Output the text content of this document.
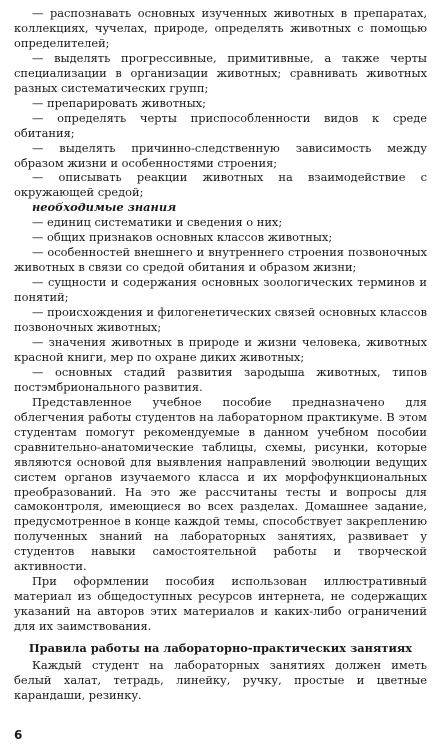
— распознавать основных изученных животных в препаратах, коллекциях, чучелах, природе, определять животных с помощью определителей;

— выделять прогрессивные, примитивные, а также черты специализации в организации животных; сравнивать животных разных систематических групп;

— препарировать животных;

— определять черты приспособленности видов к среде обитания;

— выделять причинно-следственную зависимость между образом жизни и особенностями строения;

— описывать реакции животных на взаимодействие с окружающей средой;

необходимые знания

— единиц систематики и сведения о них;

— общих признаков основных классов животных;

— особенностей внешнего и внутреннего строения позвоночных животных в связи со средой обитания и образом жизни;

— сущности и содержания основных зоологических терминов и понятий;

— происхождения и филогенетических связей основных классов позвоночных животных;

— значения животных в природе и жизни человека, животных красной книги, мер по охране диких животных;

— основных стадий развития зародыша животных, типов постэмбрионального развития.

Представленное учебное пособие предназначено для облегчения работы студентов на лабораторном практикуме. В этом студентам помогут рекомендуемые в данном учебном пособии сравнительно-анатомические таблицы, схемы, рисунки, которые являются основой для выявления направлений эволюции ведущих систем органов изучаемого класса и их морфофункциональных преобразований. На это же рассчитаны тесты и вопросы для самоконтроля, имеющиеся во всех разделах. Домашнее задание, предусмотренное в конце каждой темы, способствует закреплению полученных знаний на лабораторных занятиях, развивает у студентов навыки самостоятельной работы и творческой активности.

При оформлении пособия использован иллюстративный материал из общедоступных ресурсов интернета, не содержащих указаний на авторов этих материалов и каких-либо ограничений для их заимствования.

Правила работы на лабораторно-практических занятиях

Каждый студент на лабораторных занятиях должен иметь белый халат, тетрадь, линейку, ручку, простые и цветные карандаши, резинку.

6
